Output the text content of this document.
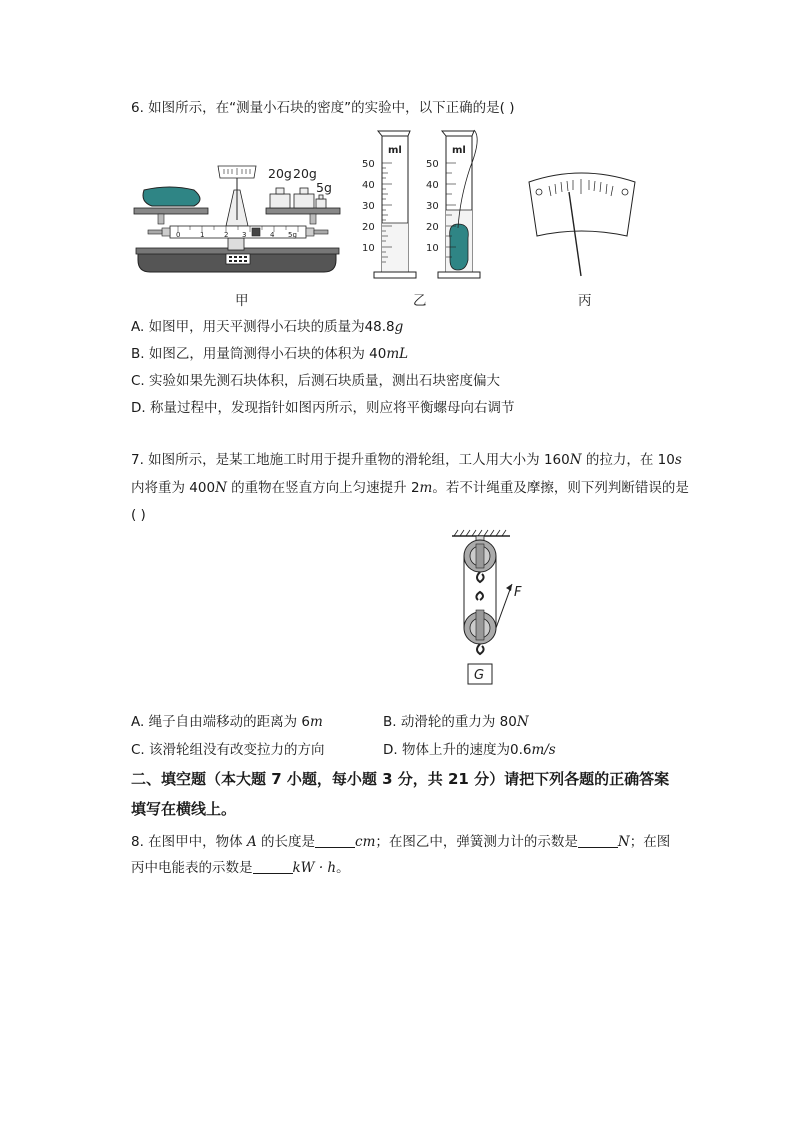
6. 如图所示，在“测量小石块的密度”的实验中，以下正确的是( )
20g 20g
5g
0	1	2 3	4 5g
甲
ml
50
40
30
20
10
ml
50
40
30
20
10
乙	丙
A. 如图甲，用天平测得小石块的质量为48.8g
B. 如图乙，用量筒测得小石块的体积为 40mL
C. 实验如果先测石块体积，后测石块质量，测出石块密度偏大
D. 称量过程中，发现指针如图丙所示，则应将平衡螺母向右调节
7. 如图所示，是某工地施工时用于提升重物的滑轮组，工人用大小为 160N 的拉力，在 10s
内将重为 400N 的重物在竖直方向上匀速提升 2m。若不计绳重及摩擦，则下列判断错误的是
( )
F
G
A. 绳子自由端移动的距离为 6m	B. 动滑轮的重力为 80N
C. 该滑轮组没有改变拉力的方向	D. 物体上升的速度为0.6m/s
二、填空题（本大题 7 小题，每小题 3 分，共 21 分）请把下列各题的正确答案
填写在横线上。
8. 在图甲中，物体 A 的长度是	cm；在图乙中，弹簧测力计的示数是	N；在图
丙中电能表的示数是	kW · h。
